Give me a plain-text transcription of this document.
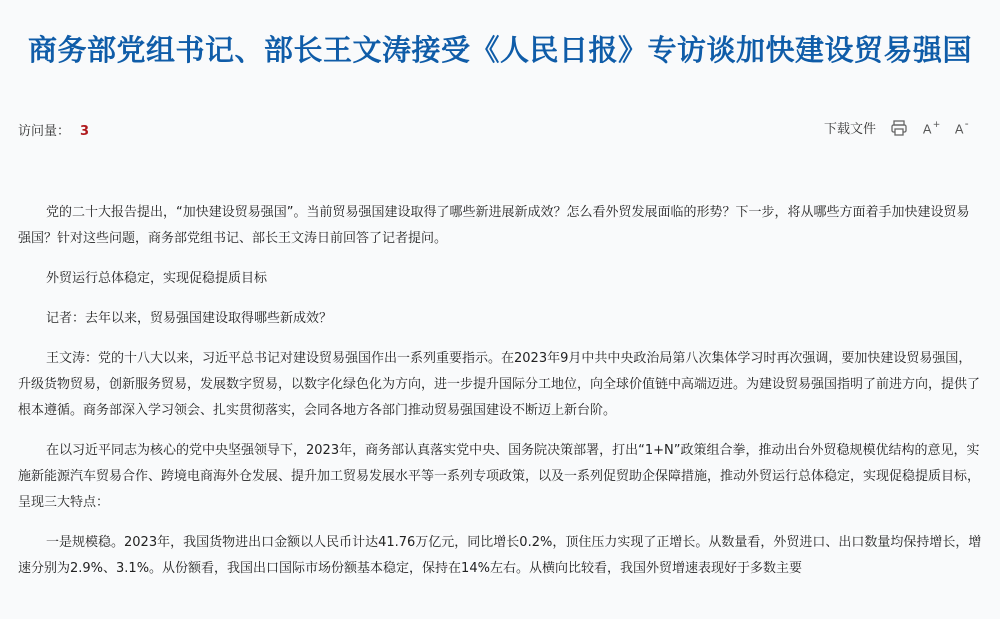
商务部党组书记、部长王文涛接受《人民日报》专访谈加快建设贸易强国
访问量： 3	下载文件	A + A -

党的二十大报告提出，“加快建设贸易强国”。当前贸易强国建设取得了哪些新进展新成效？怎么看外贸发展面临的形势？下一步，将从哪些方面着手加快建设贸易强国？针对这些问题，商务部党组书记、部长王文涛日前回答了记者提问。

外贸运行总体稳定，实现促稳提质目标

记者：去年以来，贸易强国建设取得哪些新成效？

王文涛：党的十八大以来，习近平总书记对建设贸易强国作出一系列重要指示。在2023年9月中共中央政治局第八次集体学习时再次强调，要加快建设贸易强国，升级货物贸易，创新服务贸易，发展数字贸易，以数字化绿色化为方向，进一步提升国际分工地位，向全球价值链中高端迈进。为建设贸易强国指明了前进方向，提供了根本遵循。商务部深入学习领会、扎实贯彻落实，会同各地方各部门推动贸易强国建设不断迈上新台阶。

在以习近平同志为核心的党中央坚强领导下，2023年，商务部认真落实党中央、国务院决策部署，打出“1+N”政策组合拳，推动出台外贸稳规模优结构的意见，实施新能源汽车贸易合作、跨境电商海外仓发展、提升加工贸易发展水平等一系列专项政策，以及一系列促贸助企保障措施，推动外贸运行总体稳定，实现促稳提质目标，呈现三大特点：

一是规模稳。2023年，我国货物进出口金额以人民币计达41.76万亿元，同比增长0.2%，顶住压力实现了正增长。从数量看，外贸进口、出口数量均保持增长，增速分别为2.9%、3.1%。从份额看，我国出口国际市场份额基本稳定，保持在14%左右。从横向比较看，我国外贸增速表现好于多数主要
